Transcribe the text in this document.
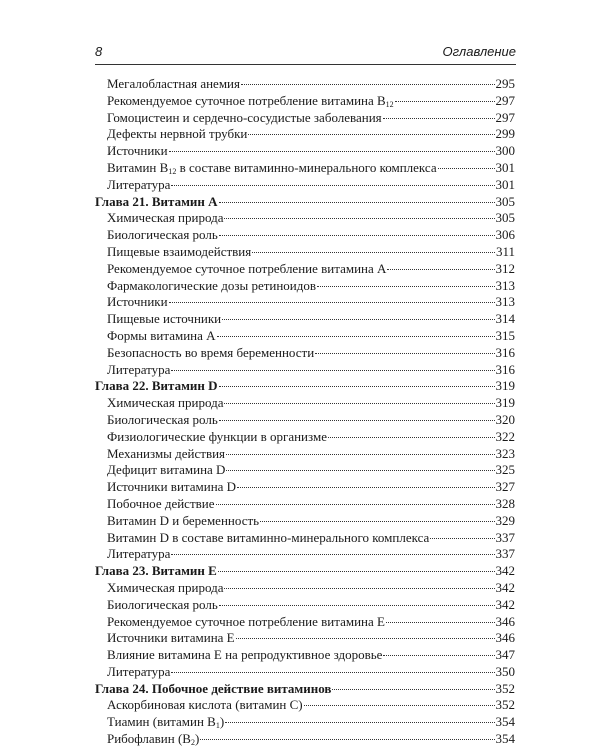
8	Оглавление
Мегалобластная анемия	295
Рекомендуемое суточное потребление витамина $B_{12}$	297
Гомоцистеин и сердечно-сосудистые заболевания	297
Дефекты нервной трубки	299
Источники	300
Витамин $B_{12}$ в составе витаминно-минерального комплекса	301
Литература	301
Глава 21. Витамин A	305
Химическая природа	305
Биологическая роль	306
Пищевые взаимодействия	311
Рекомендуемое суточное потребление витамина A	312
Фармакологические дозы ретиноидов	313
Источники	313
Пищевые источники	314
Формы витамина A	315
Безопасность во время беременности	316
Литература	316
Глава 22. Витамин D	319
Химическая природа	319
Биологическая роль	320
Физиологические функции в организме	322
Механизмы действия	323
Дефицит витамина D	325
Источники витамина D	327
Побочное действие	328
Витамин D и беременность	329
Витамин D в составе витаминно-минерального комплекса	337
Литература	337
Глава 23. Витамин E	342
Химическая природа	342
Биологическая роль	342
Рекомендуемое суточное потребление витамина E	346
Источники витамина E	346
Влияние витамина E на репродуктивное здоровье	347
Литература	350
Глава 24. Побочное действие витаминов	352
Аскорбиновая кислота (витамин C)	352
Тиамин (витамин $B_1$)	354
Рибофлавин $(B_2)$	354
